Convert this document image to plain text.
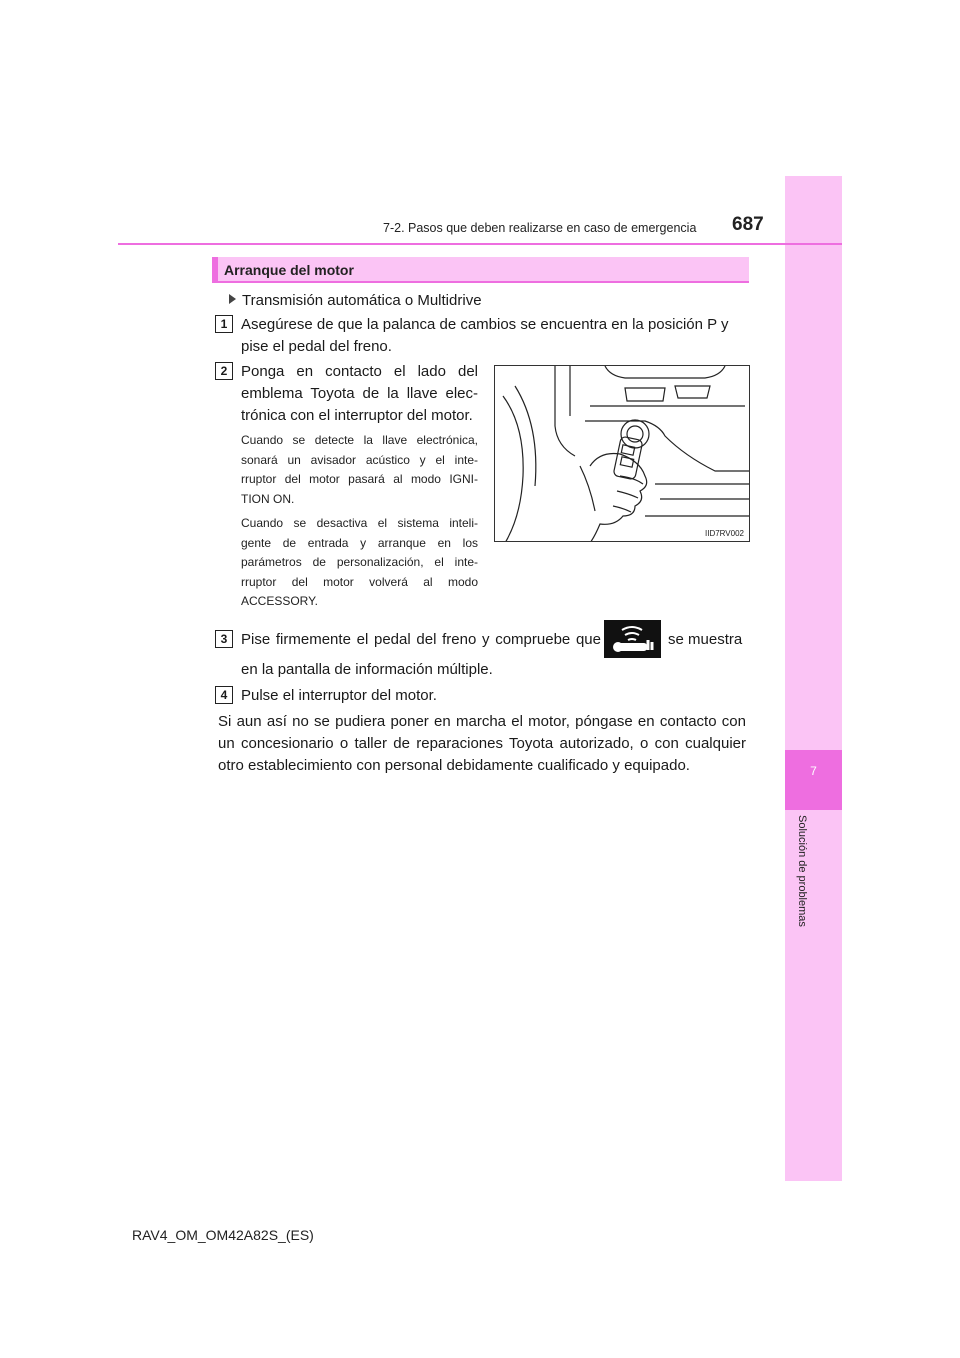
7
Solución de problemas
7-2. Pasos que deben realizarse en caso de emergencia 687
Arranque del motor
Transmisión automática o Multidrive
1 Asegúrese de que la palanca de cambios se encuentra en la posición P y
pise el pedal del freno.
2 Ponga en contacto el lado del
emblema Toyota de la llave elec-
trónica con el interruptor del motor.
Cuando se detecte la llave electrónica,
sonará un avisador acústico y el inte-
rruptor del motor pasará al modo IGNI-
TION ON.
Cuando se desactiva el sistema inteli-
gente de entrada y arranque en los
parámetros de personalización, el inte-
rruptor del motor volverá al modo
ACCESSORY.
IID7RV002
3 Pise firmemente el pedal del freno y compruebe que	se muestra
en la pantalla de información múltiple.
4 Pulse el interruptor del motor.
Si aun así no se pudiera poner en marcha el motor, póngase en contacto con
un concesionario o taller de reparaciones Toyota autorizado, o con cualquier
otro establecimiento con personal debidamente cualificado y equipado.
RAV4_OM_OM42A82S_(ES)
